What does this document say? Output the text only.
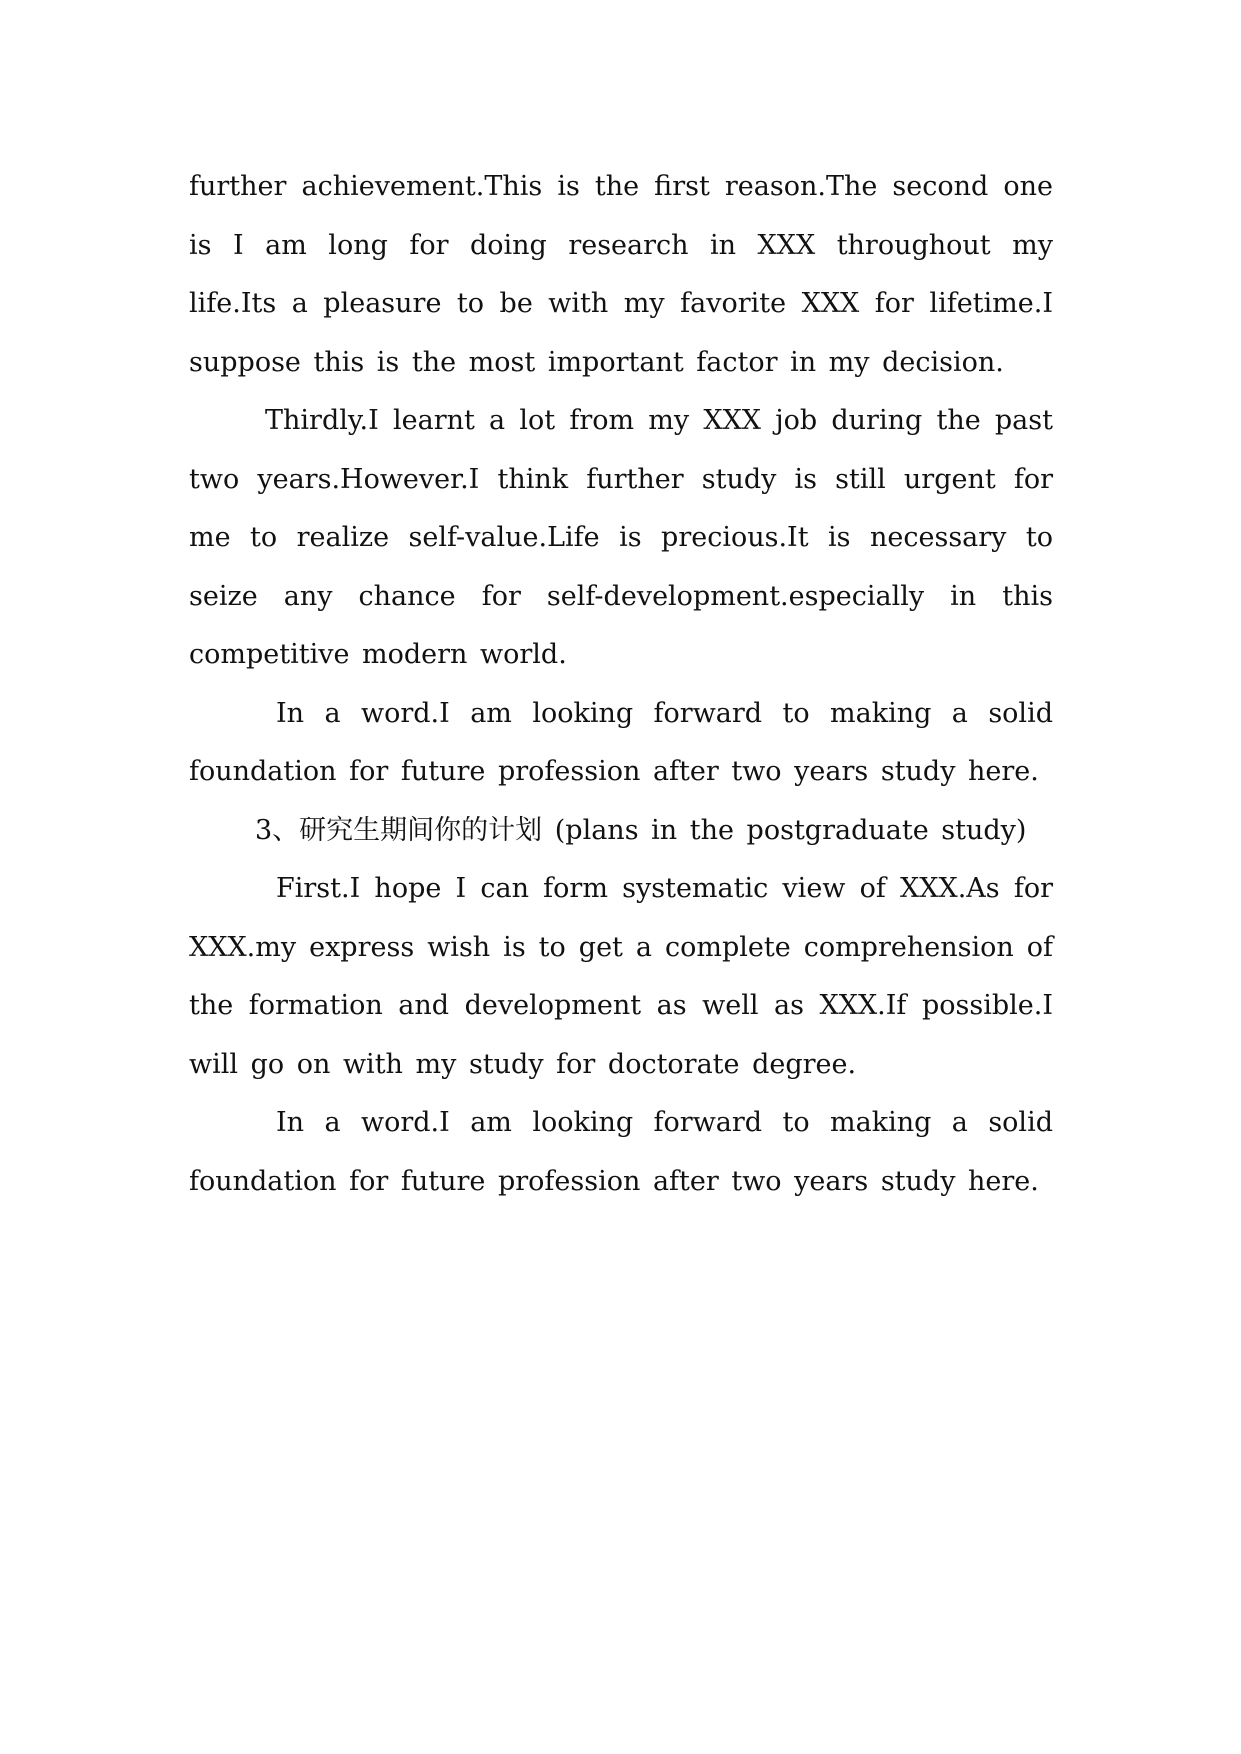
further achievement.This is the first reason.The second one is I am long for doing research in XXX throughout my life.Its a pleasure to be with my favorite XXX for lifetime.I suppose this is the most important factor in my decision.

Thirdly.I learnt a lot from my XXX job during the past two years.However.I think further study is still urgent for me to realize self-value.Life is precious.It is necessary to seize any chance for self-development.especially in this competitive modern world.

In a word.I am looking forward to making a solid foundation for future profession after two years study here.

3、研究生期间你的计划 (plans in the postgraduate study)

First.I hope I can form systematic view of XXX.As for XXX.my express wish is to get a complete comprehension of the formation and development as well as XXX.If possible.I will go on with my study for doctorate degree.

In a word.I am looking forward to making a solid foundation for future profession after two years study here.
